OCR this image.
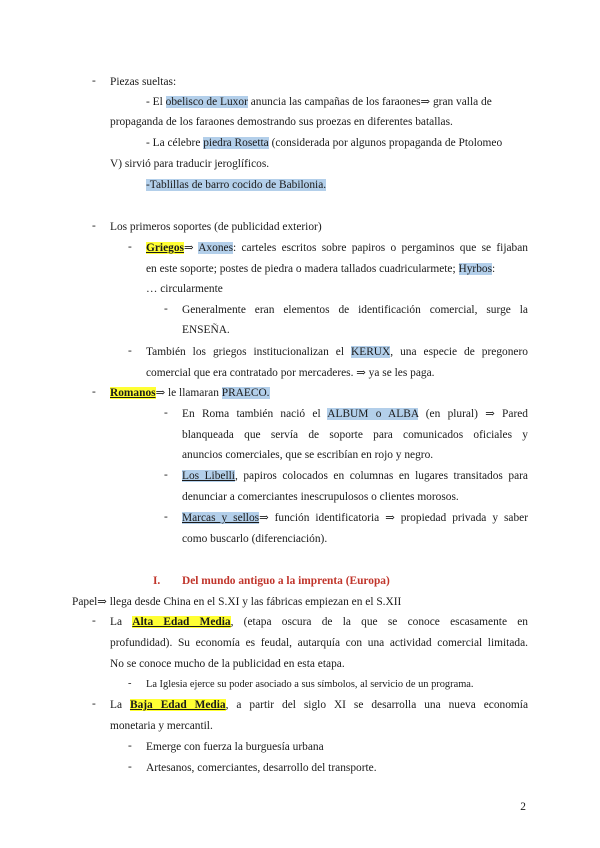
- Piezas sueltas:
- El obelisco de Luxor anuncia las campañas de los faraones⇒ gran valla de
propaganda de los faraones demostrando sus proezas en diferentes batallas.
- La célebre piedra Rosetta (considerada por algunos propaganda de Ptolomeo
V) sirvió para traducir jeroglíficos.
-Tablillas de barro cocido de Babilonia.
- Los primeros soportes (de publicidad exterior)
- Griegos⇒ Axones: carteles escritos sobre papiros o pergaminos que se fijaban
en este soporte; postes de piedra o madera tallados cuadricularmete; Hyrbos:
… circularmente
- Generalmente eran elementos de identificación comercial, surge la
ENSEÑA.
- También los griegos institucionalizan el KERUX, una especie de pregonero
comercial que era contratado por mercaderes. ⇒ ya se les paga.
- Romanos⇒ le llamaran PRAECO.
- En Roma también nació el ALBUM o ALBA (en plural) ⇒ Pared
blanqueada que servía de soporte para comunicados oficiales y
anuncios comerciales, que se escribían en rojo y negro.
- Los Libelli, papiros colocados en columnas en lugares transitados para
denunciar a comerciantes inescrupulosos o clientes morosos.
- Marcas y sellos⇒ función identificatoria ⇒ propiedad privada y saber
como buscarlo (diferenciación).
I. Del mundo antiguo a la imprenta (Europa)
Papel⇒ llega desde China en el S.XI y las fábricas empiezan en el S.XII
- La Alta Edad Media, (etapa oscura de la que se conoce escasamente en
profundidad). Su economía es feudal, autarquía con una actividad comercial limitada.
No se conoce mucho de la publicidad en esta etapa.
- La Iglesia ejerce su poder asociado a sus símbolos, al servicio de un programa.
- La Baja Edad Media, a partir del siglo XI se desarrolla una nueva economía
monetaria y mercantil.
- Emerge con fuerza la burguesía urbana
- Artesanos, comerciantes, desarrollo del transporte.
2
